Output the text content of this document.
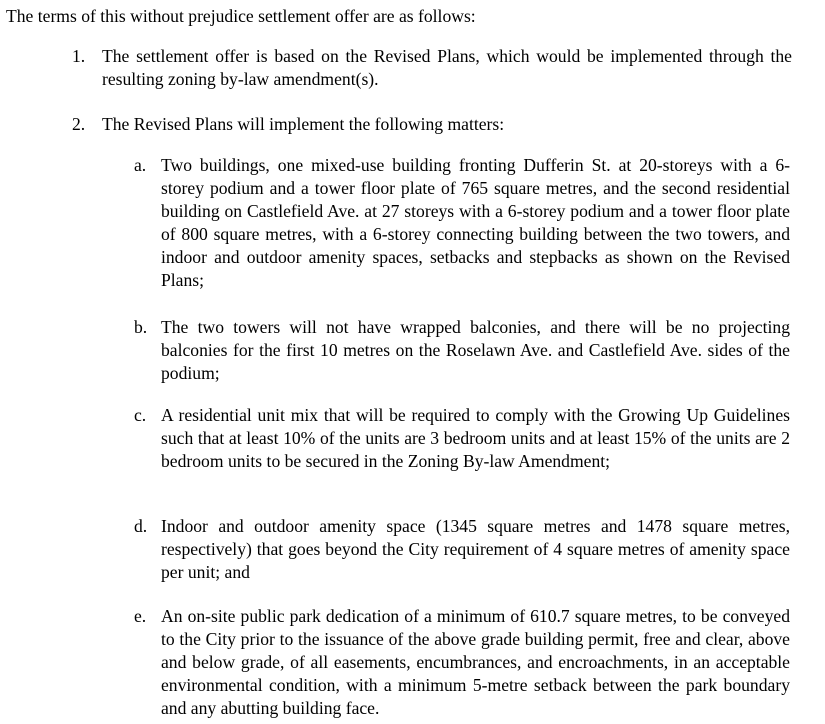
The terms of this without prejudice settlement offer are as follows:

1. The settlement offer is based on the Revised Plans, which would be implemented through the resulting zoning by-law amendment(s).
2. The Revised Plans will implement the following matters:
a. Two buildings, one mixed-use building fronting Dufferin St. at 20-storeys with a 6-storey podium and a tower floor plate of 765 square metres, and the second residential building on Castlefield Ave. at 27 storeys with a 6-storey podium and a tower floor plate of 800 square metres, with a 6-storey connecting building between the two towers, and indoor and outdoor amenity spaces, setbacks and stepbacks as shown on the Revised Plans;
b. The two towers will not have wrapped balconies, and there will be no projecting balconies for the first 10 metres on the Roselawn Ave. and Castlefield Ave. sides of the podium;
c. A residential unit mix that will be required to comply with the Growing Up Guidelines such that at least 10% of the units are 3 bedroom units and at least 15% of the units are 2 bedroom units to be secured in the Zoning By-law Amendment;
d. Indoor and outdoor amenity space (1345 square metres and 1478 square metres, respectively) that goes beyond the City requirement of 4 square metres of amenity space per unit; and
e. An on-site public park dedication of a minimum of 610.7 square metres, to be conveyed to the City prior to the issuance of the above grade building permit, free and clear, above and below grade, of all easements, encumbrances, and encroachments, in an acceptable environmental condition, with a minimum 5-metre setback between the park boundary and any abutting building face.
